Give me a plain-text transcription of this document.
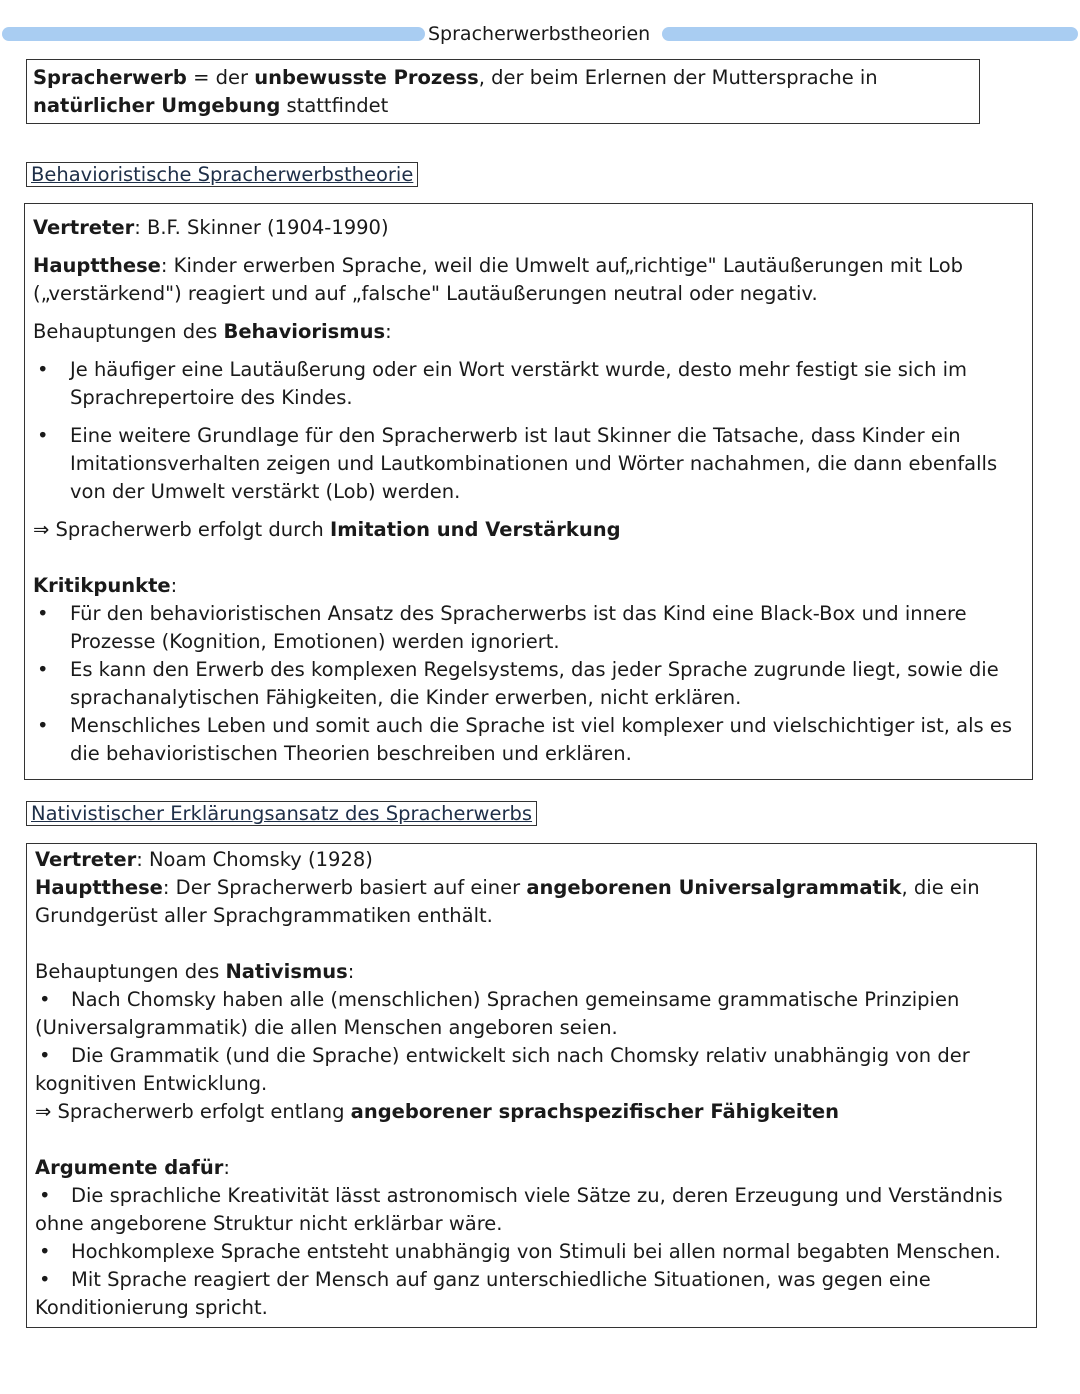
Spracherwerbstheorien

Spracherwerb = der unbewusste Prozess, der beim Erlernen der Muttersprache in natürlicher Umgebung stattfindet

Behavioristische Spracherwerbstheorie

Vertreter: B.F. Skinner (1904-1990)

Hauptthese: Kinder erwerben Sprache, weil die Umwelt auf„richtige" Lautäußerungen mit Lob („verstärkend") reagiert und auf „falsche" Lautäußerungen neutral oder negativ.

Behauptungen des Behaviorismus:

• Je häufiger eine Lautäußerung oder ein Wort verstärkt wurde, desto mehr festigt sie sich im Sprachrepertoire des Kindes.
• Eine weitere Grundlage für den Spracherwerb ist laut Skinner die Tatsache, dass Kinder ein Imitationsverhalten zeigen und Lautkombinationen und Wörter nachahmen, die dann ebenfalls von der Umwelt verstärkt (Lob) werden.

⇒ Spracherwerb erfolgt durch Imitation und Verstärkung

Kritikpunkte:

• Für den behavioristischen Ansatz des Spracherwerbs ist das Kind eine Black-Box und innere Prozesse (Kognition, Emotionen) werden ignoriert.
• Es kann den Erwerb des komplexen Regelsystems, das jeder Sprache zugrunde liegt, sowie die sprachanalytischen Fähigkeiten, die Kinder erwerben, nicht erklären.
• Menschliches Leben und somit auch die Sprache ist viel komplexer und vielschichtiger ist, als es die behavioristischen Theorien beschreiben und erklären.
Nativistischer Erklärungsansatz des Spracherwerbs

Vertreter: Noam Chomsky (1928)

Hauptthese: Der Spracherwerb basiert auf einer angeborenen Universalgrammatik, die ein Grundgerüst aller Sprachgrammatiken enthält.

Behauptungen des Nativismus:

• Nach Chomsky haben alle (menschlichen) Sprachen gemeinsame grammatische Prinzipien (Universalgrammatik) die allen Menschen angeboren seien.

• Die Grammatik (und die Sprache) entwickelt sich nach Chomsky relativ unabhängig von der kognitiven Entwicklung.

⇒ Spracherwerb erfolgt entlang angeborener sprachspezifischer Fähigkeiten

Argumente dafür:

• Die sprachliche Kreativität lässt astronomisch viele Sätze zu, deren Erzeugung und Verständnis ohne angeborene Struktur nicht erklärbar wäre.

• Hochkomplexe Sprache entsteht unabhängig von Stimuli bei allen normal begabten Menschen.

• Mit Sprache reagiert der Mensch auf ganz unterschiedliche Situationen, was gegen eine Konditionierung spricht.
